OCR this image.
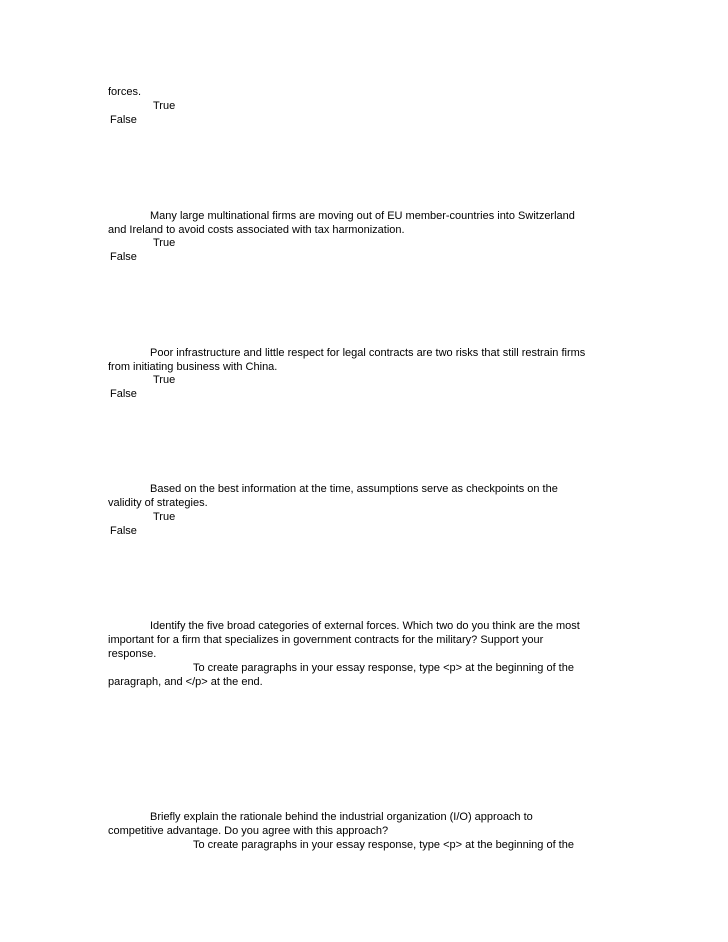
forces.

True

False

Many large multinational firms are moving out of EU member-countries into Switzerland

and Ireland to avoid costs associated with tax harmonization.

True

False

Poor infrastructure and little respect for legal contracts are two risks that still restrain firms

from initiating business with China.

True

False

Based on the best information at the time, assumptions serve as checkpoints on the

validity of strategies.

True

False

Identify the five broad categories of external forces. Which two do you think are the most

important for a firm that specializes in government contracts for the military? Support your

response.

To create paragraphs in your essay response, type <p> at the beginning of the

paragraph, and </p> at the end.

Briefly explain the rationale behind the industrial organization (I/O) approach to

competitive advantage. Do you agree with this approach?

To create paragraphs in your essay response, type <p> at the beginning of the
